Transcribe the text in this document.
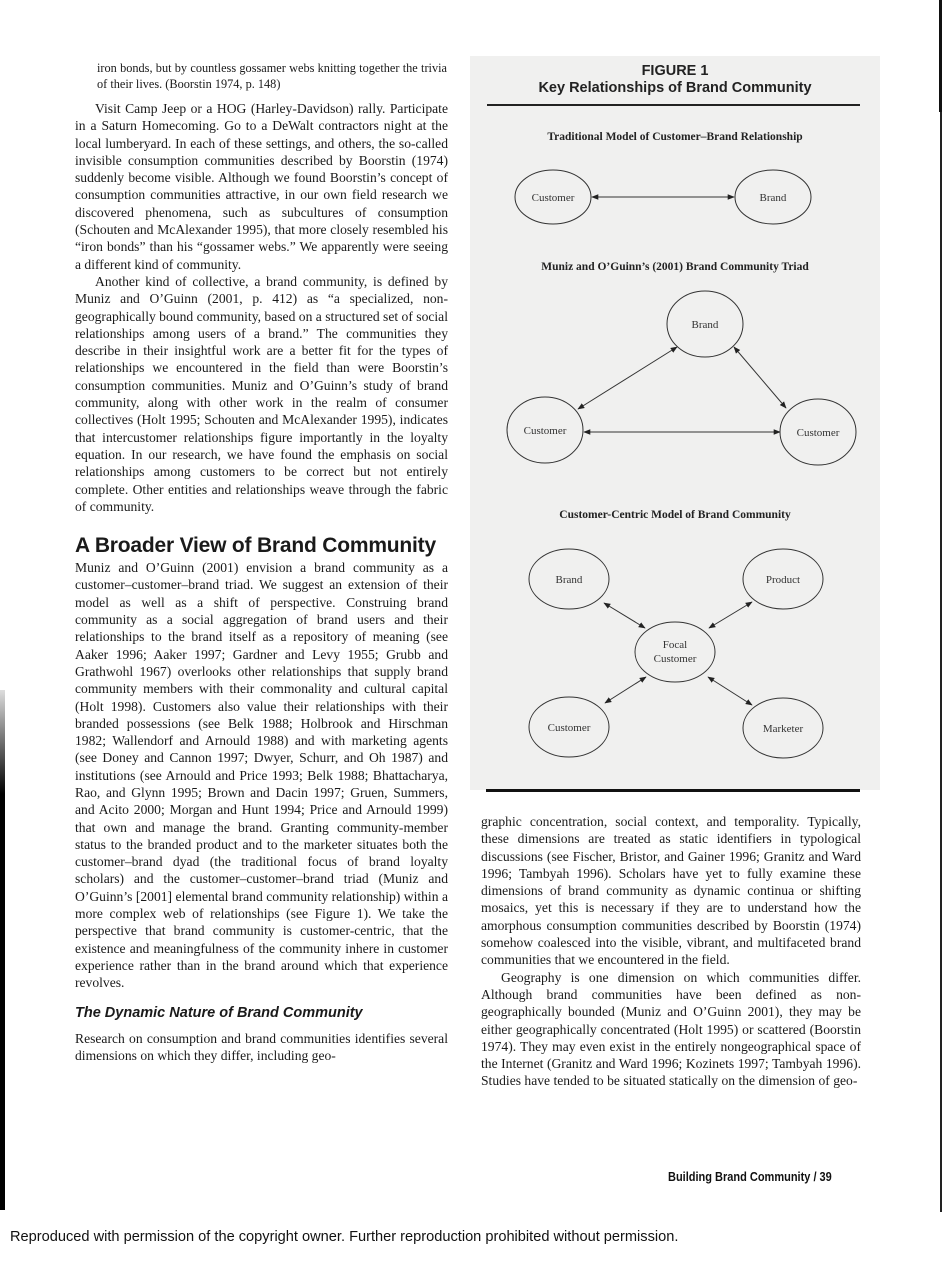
iron bonds, but by countless gossamer webs knitting together the trivia of their lives. (Boorstin 1974, p. 148)

Visit Camp Jeep or a HOG (Harley-Davidson) rally. Participate in a Saturn Homecoming. Go to a DeWalt contractors night at the local lumberyard. In each of these settings, and others, the so-called invisible consumption communities described by Boorstin (1974) suddenly become visible. Although we found Boorstin’s concept of consumption communities attractive, in our own field research we discovered phenomena, such as subcultures of consumption (Schouten and McAlexander 1995), that more closely resembled his “iron bonds” than his “gossamer webs.” We apparently were seeing a different kind of community.

Another kind of collective, a brand community, is defined by Muniz and O’Guinn (2001, p. 412) as “a specialized, non-geographically bound community, based on a structured set of social relationships among users of a brand.” The communities they describe in their insightful work are a better fit for the types of relationships we encountered in the field than were Boorstin’s consumption communities. Muniz and O’Guinn’s study of brand community, along with other work in the realm of consumer collectives (Holt 1995; Schouten and McAlexander 1995), indicates that intercustomer relationships figure importantly in the loyalty equation. In our research, we have found the emphasis on social relationships among customers to be correct but not entirely complete. Other entities and relationships weave through the fabric of community.

A Broader View of Brand Community

Muniz and O’Guinn (2001) envision a brand community as a customer–customer–brand triad. We suggest an extension of their model as well as a shift of perspective. Construing brand community as a social aggregation of brand users and their relationships to the brand itself as a repository of meaning (see Aaker 1996; Aaker 1997; Gardner and Levy 1955; Grubb and Grathwohl 1967) overlooks other relationships that supply brand community members with their commonality and cultural capital (Holt 1998). Customers also value their relationships with their branded possessions (see Belk 1988; Holbrook and Hirschman 1982; Wallendorf and Arnould 1988) and with marketing agents (see Doney and Cannon 1997; Dwyer, Schurr, and Oh 1987) and institutions (see Arnould and Price 1993; Belk 1988; Bhattacharya, Rao, and Glynn 1995; Brown and Dacin 1997; Gruen, Summers, and Acito 2000; Morgan and Hunt 1994; Price and Arnould 1999) that own and manage the brand. Granting community-member status to the branded product and to the marketer situates both the customer–brand dyad (the traditional focus of brand loyalty scholars) and the customer–customer–brand triad (Muniz and O’Guinn’s [2001] elemental brand community relationship) within a more complex web of relationships (see Figure 1). We take the perspective that brand community is customer-centric, that the existence and meaningfulness of the community inhere in customer experience rather than in the brand around which that experience revolves.

The Dynamic Nature of Brand Community

Research on consumption and brand communities identifies several dimensions on which they differ, including geo-

FIGURE 1
Key Relationships of Brand Community
Traditional Model of Customer–Brand Relationship
Muniz and O’Guinn’s (2001) Brand Community Triad
Customer-Centric Model of Brand Community
Customer	Brand
Brand
Customer	Customer
Brand	Product
Focal
Customer
Customer	Marketer

graphic concentration, social context, and temporality. Typically, these dimensions are treated as static identifiers in typological discussions (see Fischer, Bristor, and Gainer 1996; Granitz and Ward 1996; Tambyah 1996). Scholars have yet to fully examine these dimensions of brand community as dynamic continua or shifting mosaics, yet this is necessary if they are to understand how the amorphous consumption communities described by Boorstin (1974) somehow coalesced into the visible, vibrant, and multifaceted brand communities that we encountered in the field.

Geography is one dimension on which communities differ. Although brand communities have been defined as non-geographically bounded (Muniz and O’Guinn 2001), they may be either geographically concentrated (Holt 1995) or scattered (Boorstin 1974). They may even exist in the entirely nongeographical space of the Internet (Granitz and Ward 1996; Kozinets 1997; Tambyah 1996). Studies have tended to be situated statically on the dimension of geo-

Building Brand Community / 39
Reproduced with permission of the copyright owner. Further reproduction prohibited without permission.
